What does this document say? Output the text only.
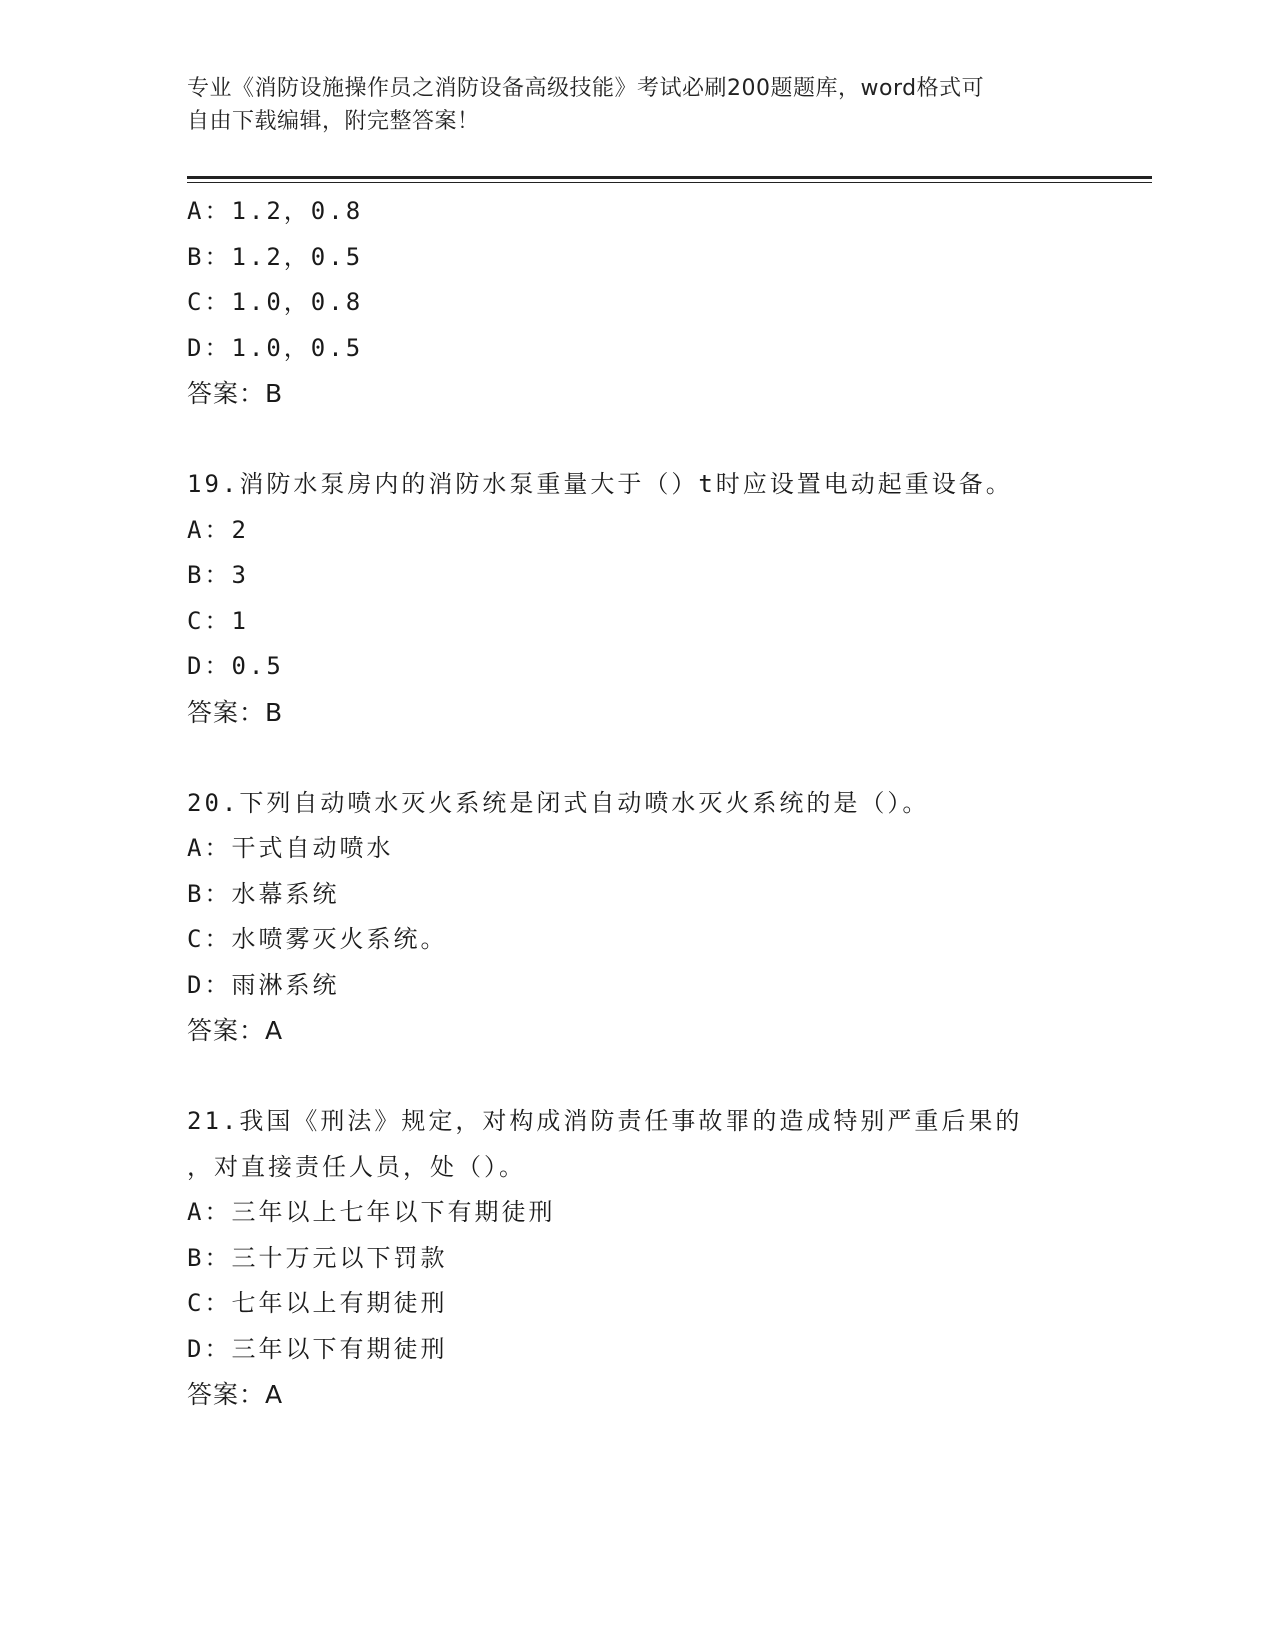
专业《消防设施操作员之消防设备高级技能》考试必刷200题题库，word格式可
自由下载编辑，附完整答案！
A：1.2，0.8
B：1.2，0.5
C：1.0，0.8
D：1.0，0.5
答案：B
19.消防水泵房内的消防水泵重量大于（）t时应设置电动起重设备。
A：2
B：3
C：1
D：0.5
答案：B
20.下列自动喷水灭火系统是闭式自动喷水灭火系统的是（）。
A：干式自动喷水
B：水幕系统
C：水喷雾灭火系统。
D：雨淋系统
答案：A
21.我国《刑法》规定，对构成消防责任事故罪的造成特别严重后果的
，对直接责任人员，处（）。
A：三年以上七年以下有期徒刑
B：三十万元以下罚款
C：七年以上有期徒刑
D：三年以下有期徒刑
答案：A
